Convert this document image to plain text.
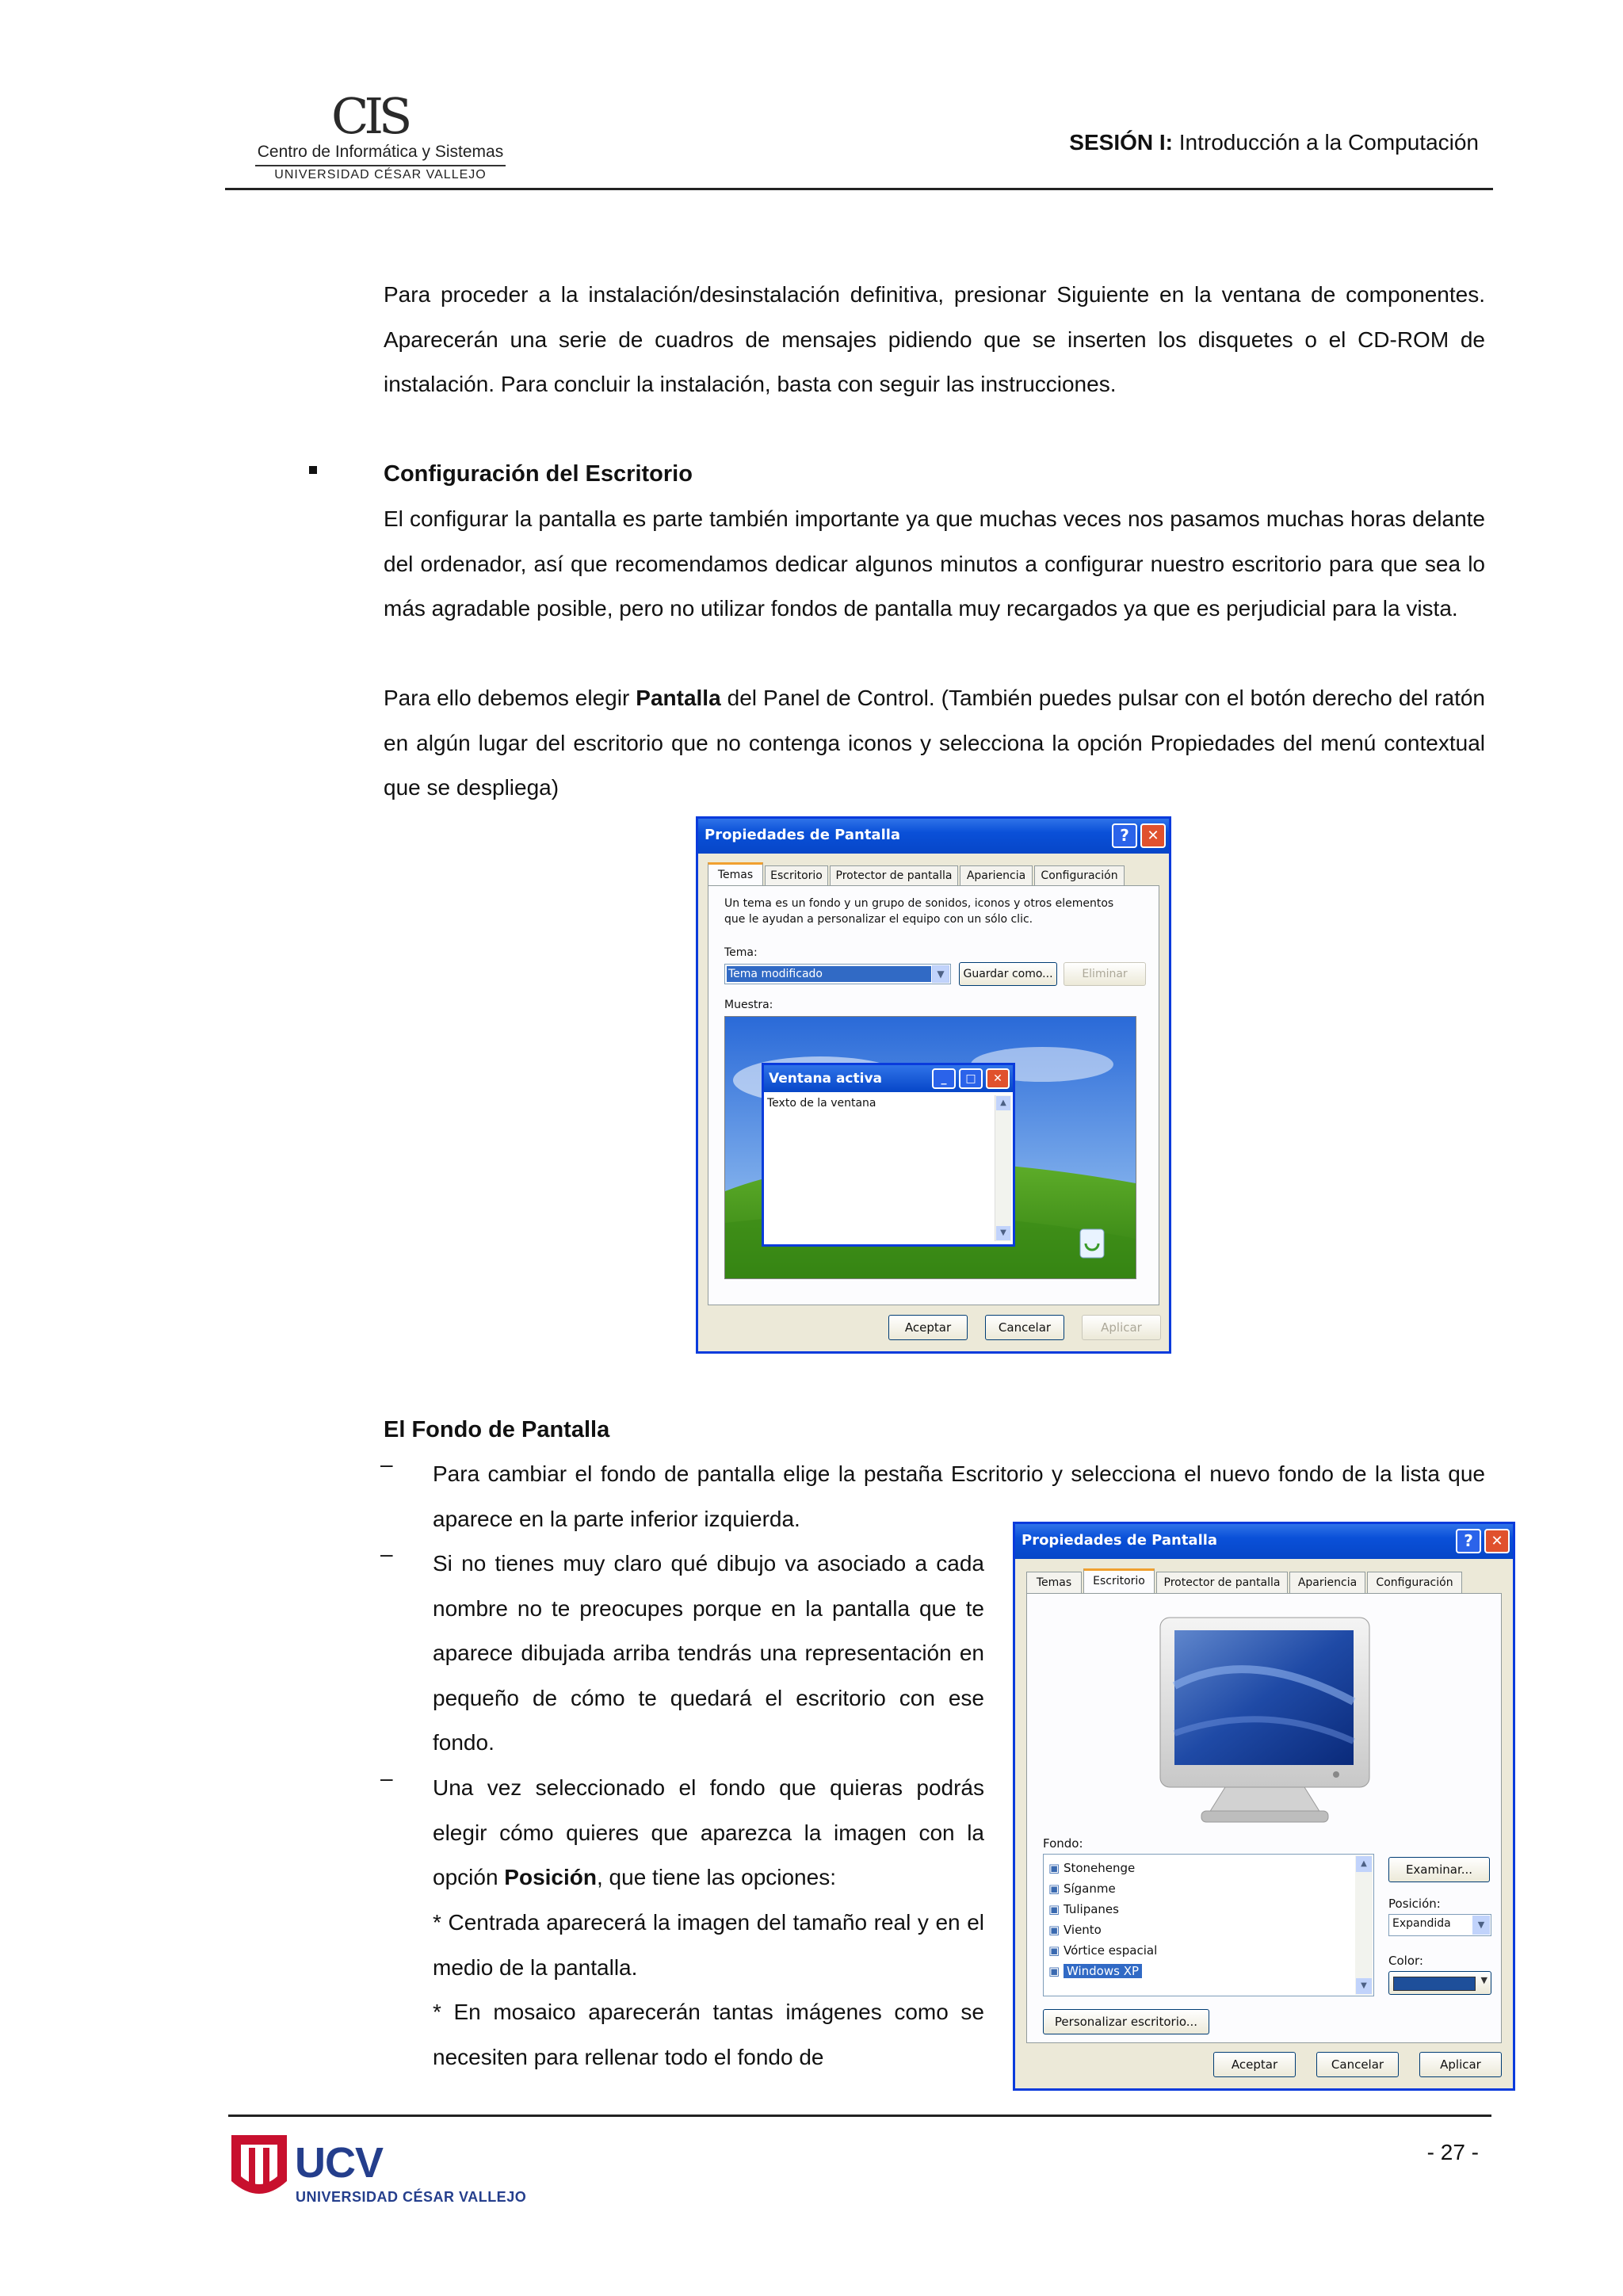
CIS
Centro de Informática y Sistemas
UNIVERSIDAD CÉSAR VALLEJO
SESIÓN I: Introducción a la Computación
Para proceder a la instalación/desinstalación definitiva, presionar Siguiente en la ventana de componentes. Aparecerán una serie de cuadros de mensajes pidiendo que se inserten los disquetes o el CD-ROM de instalación. Para concluir la instalación, basta con seguir las instrucciones.
Configuración del Escritorio
El configurar la pantalla es parte también importante ya que muchas veces nos pasamos muchas horas delante del ordenador, así que recomendamos dedicar algunos minutos a configurar nuestro escritorio para que sea lo más agradable posible, pero no utilizar fondos de pantalla muy recargados ya que es perjudicial para la vista.
Para ello debemos elegir Pantalla del Panel de Control. (También puedes pulsar con el botón derecho del ratón en algún lugar del escritorio que no contenga iconos y selecciona la opción Propiedades del menú contextual que se despliega)
Propiedades de Pantalla	?	✕
Temas	Escritorio	Protector de pantalla	Apariencia	Configuración
Un tema es un fondo y un grupo de sonidos, iconos y otros elementos
que le ayudan a personalizar el equipo con un sólo clic.
Tema:
Tema modificado	▼	Guardar como...	Eliminar
Muestra:
Ventana activa	_	□	✕
Texto de la ventana	▲
▼
Aceptar	Cancelar	Aplicar
El Fondo de Pantalla
– Para cambiar el fondo de pantalla elige la pestaña Escritorio y selecciona el nuevo fondo de la lista que aparece en la parte inferior izquierda.
– Si no tienes muy claro qué dibujo va asociado a cada nombre no te preocupes porque en la pantalla que te aparece dibujada arriba tendrás una representación en pequeño de cómo te quedará el escritorio con ese fondo.
– Una vez seleccionado el fondo que quieras podrás elegir cómo quieres que aparezca la imagen con la opción Posición, que tiene las opciones:
* Centrada aparecerá la imagen del tamaño real y en el medio de la pantalla.
* En mosaico aparecerán tantas imágenes como se necesiten para rellenar todo el fondo de
Propiedades de Pantalla	?	✕
Temas	Escritorio	Protector de pantalla	Apariencia	Configuración
Fondo:
▣ Stonehenge
▣ Síganme
▣ Tulipanes
▣ Viento
▣ Vórtice espacial
▣ Windows XP
▲
▼
Examinar...
Posición:
Expandida	▼
Color:
▼
Personalizar escritorio...
Aceptar	Cancelar	Aplicar
UCV
UNIVERSIDAD CÉSAR VALLEJO
- 27 -
